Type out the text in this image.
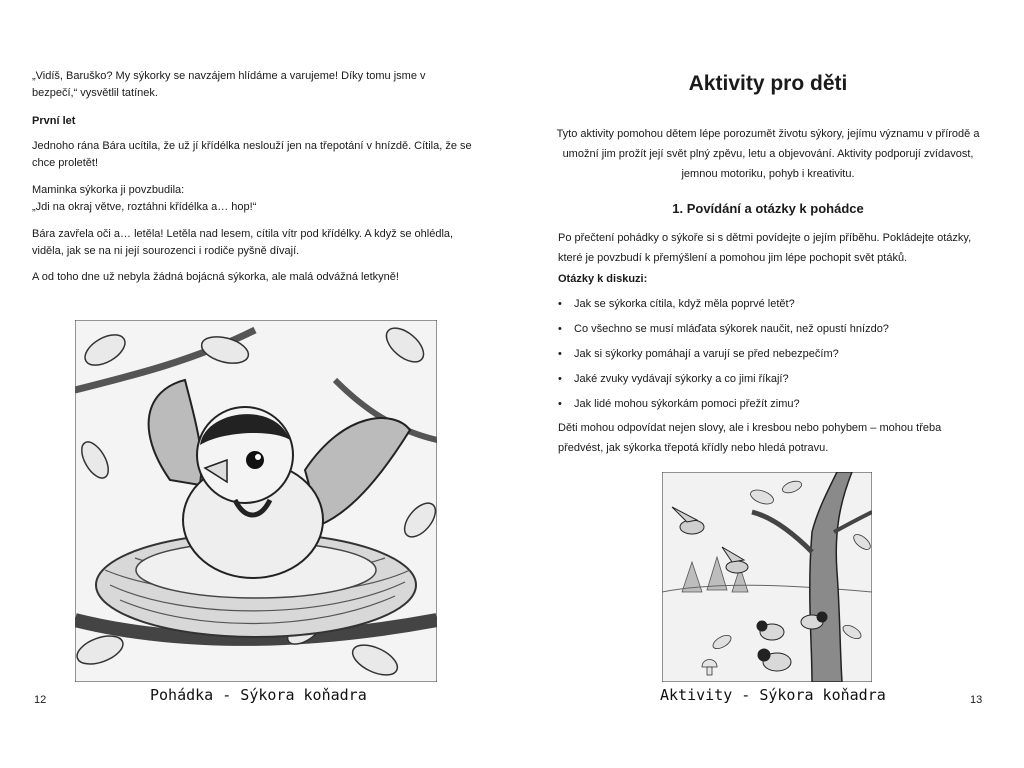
„Vidíš, Baruško? My sýkorky se navzájem hlídáme a varujeme! Díky tomu jsme v bezpečí,“ vysvětlil tatínek.

První let

Jednoho rána Bára ucítila, že už jí křídélka neslouží jen na třepotání v hnízdě. Cítila, že se chce proletět!

Maminka sýkorka ji povzbudila:

„Jdi na okraj větve, roztáhni křídélka a… hop!“

Bára zavřela oči a… letěla! Letěla nad lesem, cítila vítr pod křídélky. A když se ohlédla, viděla, jak se na ni její sourozenci i rodiče pyšně dívají.

A od toho dne už nebyla žádná bojácná sýkorka, ale malá odvážná letkyně!

Pohádka - Sýkora koňadra
12
Aktivity pro děti

Tyto aktivity pomohou dětem lépe porozumět životu sýkory, jejímu významu v přírodě a umožní jim prožít její svět plný zpěvu, letu a objevování. Aktivity podporují zvídavost, jemnou motoriku, pohyb i kreativitu.

1. Povídání a otázky k pohádce

Po přečtení pohádky o sýkoře si s dětmi povídejte o jejím příběhu. Pokládejte otázky, které je povzbudí k přemýšlení a pomohou jim lépe pochopit svět ptáků.

Otázky k diskuzi:

• Jak se sýkorka cítila, když měla poprvé letět?
• Co všechno se musí mláďata sýkorek naučit, než opustí hnízdo?
• Jak si sýkorky pomáhají a varují se před nebezpečím?
• Jaké zvuky vydávají sýkorky a co jimi říkají?
• Jak lidé mohou sýkorkám pomoci přežít zimu?

Děti mohou odpovídat nejen slovy, ale i kresbou nebo pohybem – mohou třeba předvést, jak sýkorka třepotá křídly nebo hledá potravu.

Aktivity - Sýkora koňadra	13
